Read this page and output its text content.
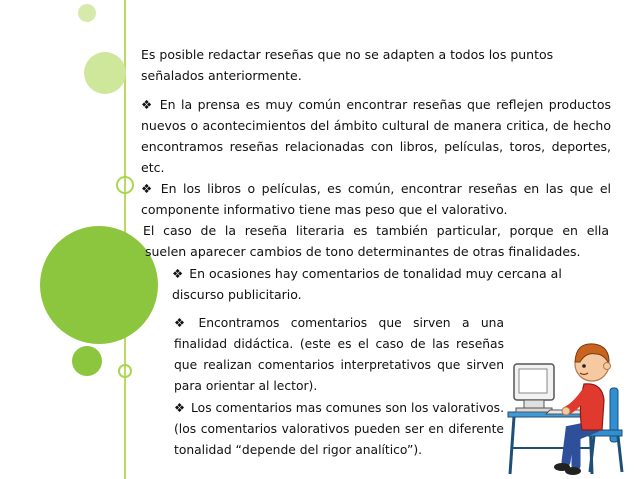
Es posible redactar reseñas que no se adapten a todos los puntos señalados anteriormente.

❖ En la prensa es muy común encontrar reseñas que reflejen productos nuevos o acontecimientos del ámbito cultural de manera critica, de hecho encontramos reseñas relacionadas con libros, películas, toros, deportes, etc.

❖ En los libros o películas, es común, encontrar reseñas en las que el componente informativo tiene mas peso que el valorativo.

El caso de la reseña literaria es también particular, porque en ella

suelen aparecer cambios de tono determinantes de otras finalidades.

❖ En ocasiones hay comentarios de tonalidad muy cercana al discurso publicitario.

❖ Encontramos comentarios que sirven a una finalidad didáctica. (este es el caso de las reseñas que realizan comentarios interpretativos que sirven para orientar al lector).

❖ Los comentarios mas comunes son los valorativos. (los comentarios valorativos pueden ser en diferente tonalidad “depende del rigor analítico”).
